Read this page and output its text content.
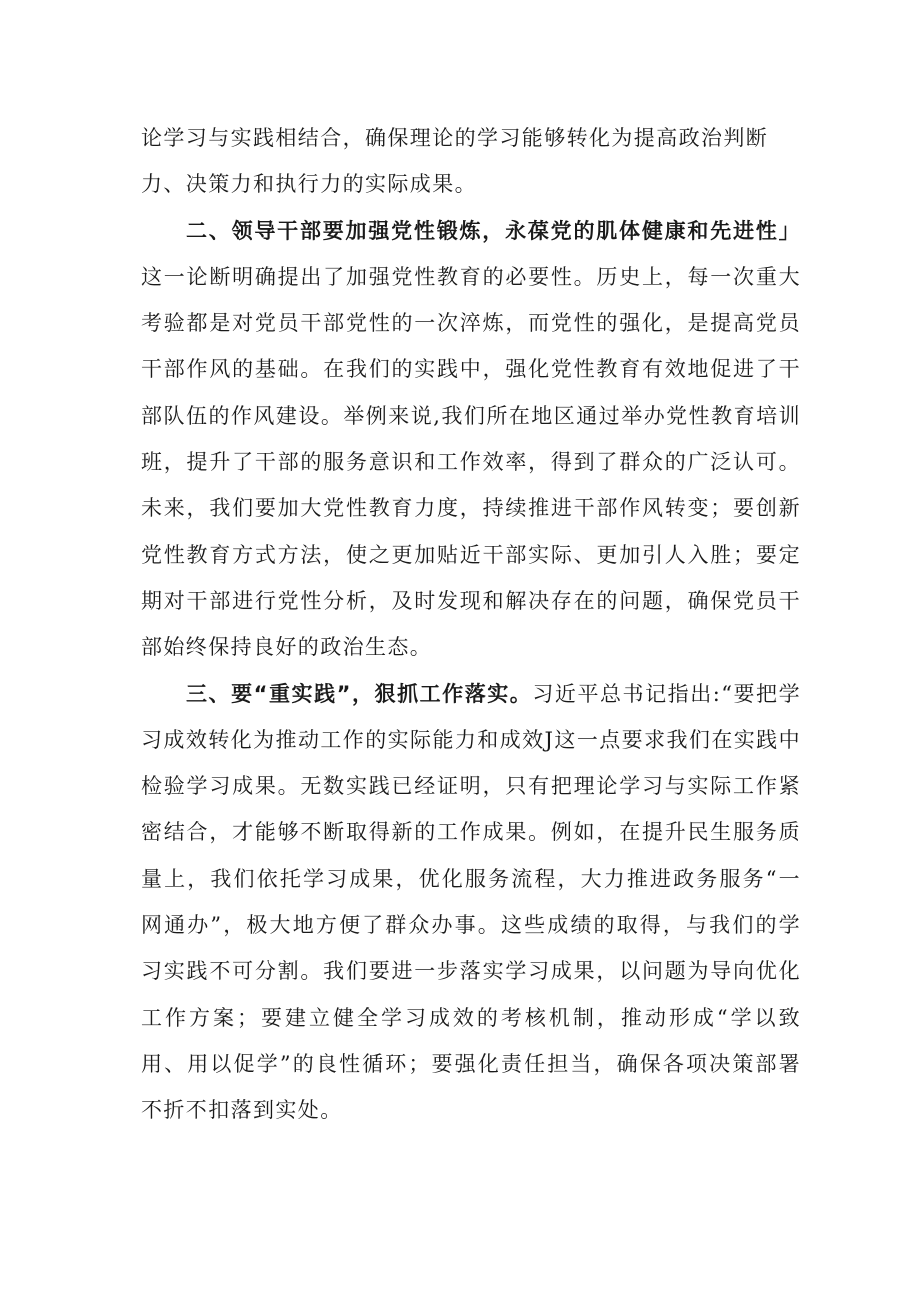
论学习与实践相结合，确保理论的学习能够转化为提高政治判断
力、决策力和执行力的实际成果。

二、领导干部要加强党性锻炼，永葆党的肌体健康和先进性」这一论断明确提出了加强党性教育的必要性。历史上，每一次重大考验都是对党员干部党性的一次淬炼，而党性的强化，是提高党员干部作风的基础。在我们的实践中，强化党性教育有效地促进了干部队伍的作风建设。举例来说,我们所在地区通过举办党性教育培训班，提升了干部的服务意识和工作效率，得到了群众的广泛认可。未来，我们要加大党性教育力度，持续推进干部作风转变；要创新党性教育方式方法，使之更加贴近干部实际、更加引人入胜；要定期对干部进行党性分析，及时发现和解决存在的问题，确保党员干部始终保持良好的政治生态。

三、要“重实践”，狠抓工作落实。习近平总书记指出:“要把学习成效转化为推动工作的实际能力和成效J这一点要求我们在实践中检验学习成果。无数实践已经证明，只有把理论学习与实际工作紧密结合，才能够不断取得新的工作成果。例如，在提升民生服务质量上，我们依托学习成果，优化服务流程，大力推进政务服务“一网通办”，极大地方便了群众办事。这些成绩的取得，与我们的学习实践不可分割。我们要进一步落实学习成果，以问题为导向优化工作方案；要建立健全学习成效的考核机制，推动形成“学以致用、用以促学”的良性循环；要强化责任担当，确保各项决策部署不折不扣落到实处。
